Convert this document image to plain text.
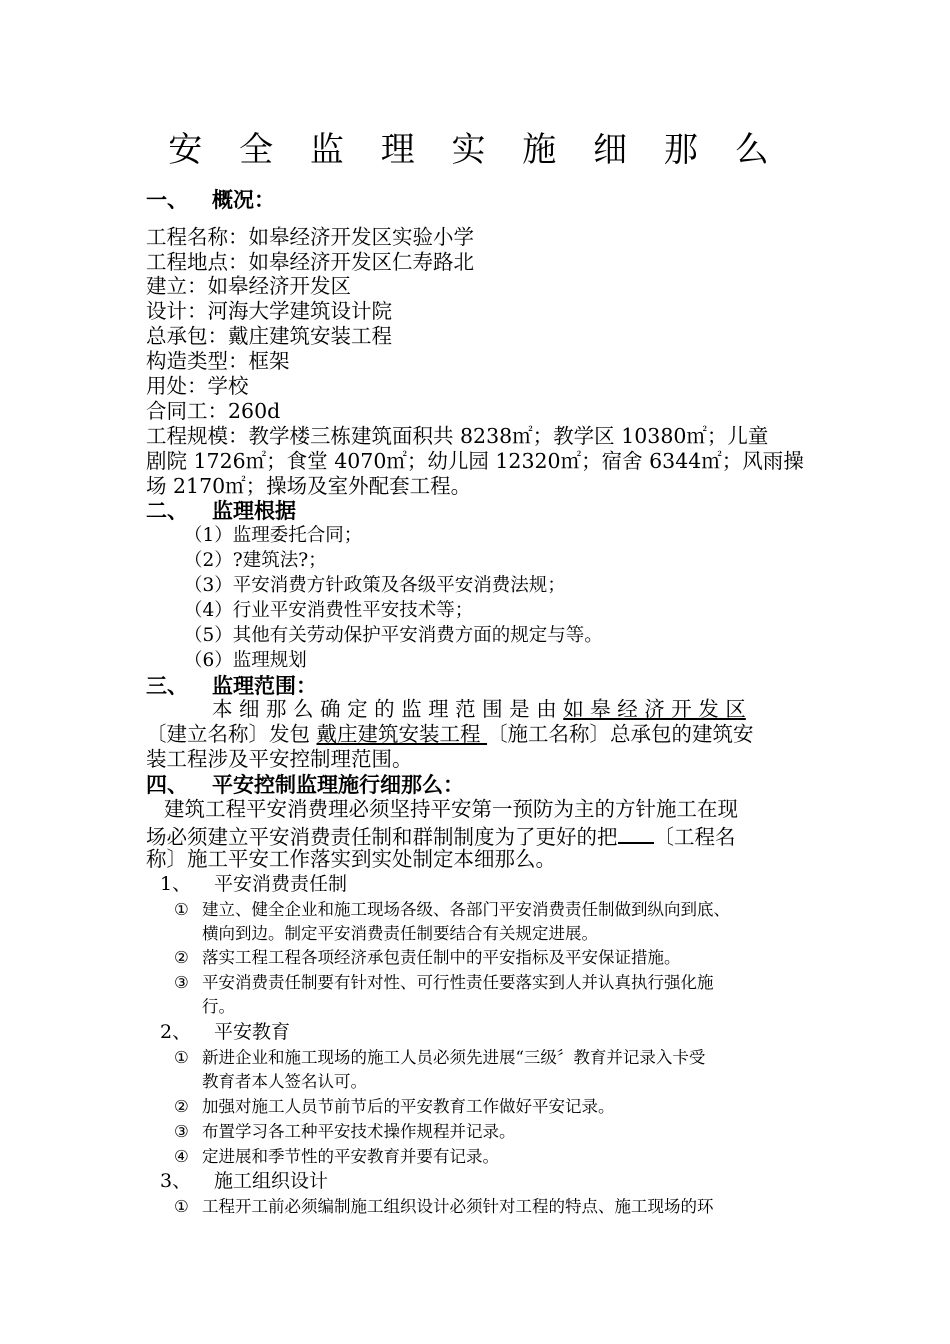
安 全 监 理 实 施 细 那 么
一、 概况：
工程名称：如皋经济开发区实验小学
工程地点：如皋经济开发区仁寿路北
建立：如皋经济开发区
设计：河海大学建筑设计院
总承包：戴庄建筑安装工程
构造类型：框架
用处：学校
合同工：260d
工程规模：教学楼三栋建筑面积共 8238㎡；教学区 10380㎡；儿童
剧院 1726㎡；食堂 4070㎡；幼儿园 12320㎡；宿舍 6344㎡；风雨操
场 2170㎡；操场及室外配套工程。
二、 监理根据
（1）监理委托合同；
（2）?建筑法?；
（3）平安消费方针政策及各级平安消费法规；
（4）行业平安消费性平安技术等；
（5）其他有关劳动保护平安消费方面的规定与等。
（6）监理规划
三、 监理范围：
本 细 那 么 确 定 的 监 理 范 围 是 由 如 皋 经 济 开 发 区
〔建立名称〕发包 戴庄建筑安装工程 〔施工名称〕总承包的建筑安
装工程涉及平安控制理范围。
四、 平安控制监理施行细那么：
建筑工程平安消费理必须坚持平安第一预防为主的方针施工在现
场必须建立平安消费责任制和群制制度为了更好的把 〔工程名
称〕施工平安工作落实到实处制定本细那么。
1、 平安消费责任制
① 建立、健全企业和施工现场各级、各部门平安消费责任制做到纵向到底、
横向到边。制定平安消费责任制要结合有关规定进展。
② 落实工程工程各项经济承包责任制中的平安指标及平安保证措施。
③ 平安消费责任制要有针对性、可行性责任要落实到人并认真执行强化施
行。
2、 平安教育
① 新进企业和施工现场的施工人员必须先进展“三级〞教育并记录入卡受
教育者本人签名认可。
② 加强对施工人员节前节后的平安教育工作做好平安记录。
③ 布置学习各工种平安技术操作规程并记录。
④ 定进展和季节性的平安教育并要有记录。
3、 施工组织设计
① 工程开工前必须编制施工组织设计必须针对工程的特点、施工现场的环
